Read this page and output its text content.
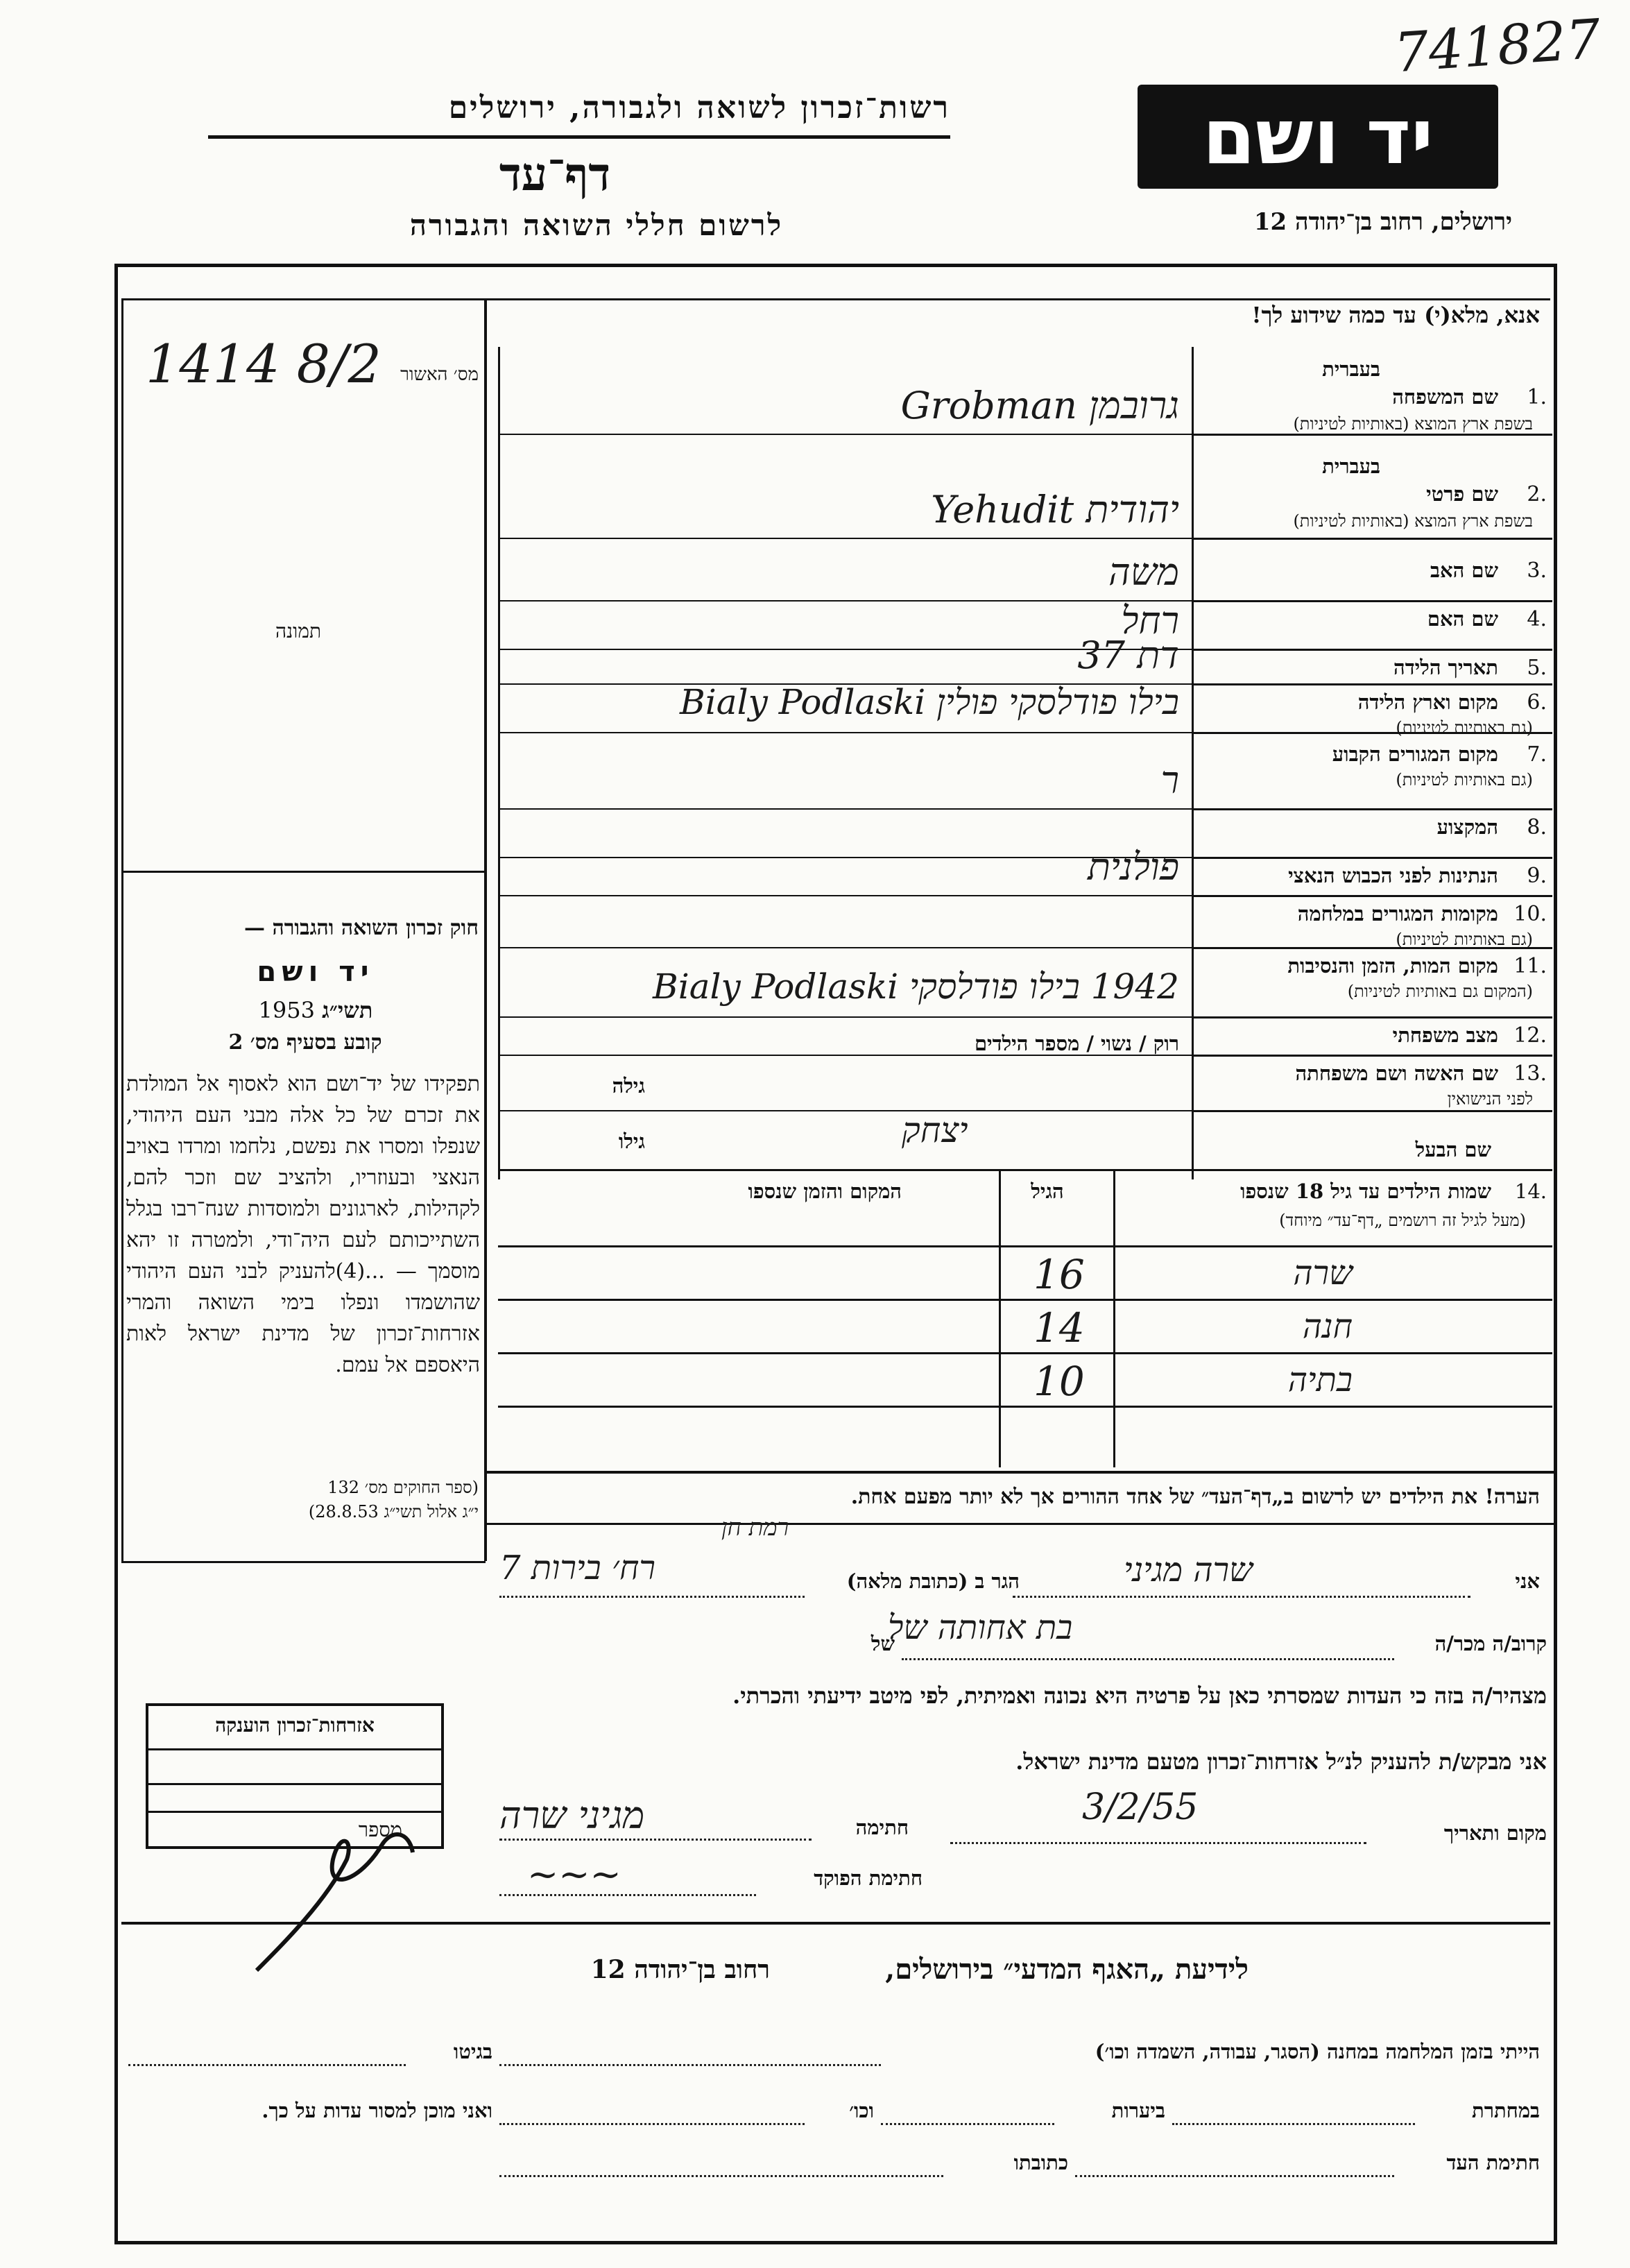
741827
יד ושם
ירושלים, רחוב בן־יהודה 12
רשות־זכרון לשואה ולגבורה, ירושלים
דף־עד
לרשום חללי השואה והגבורה
אנא, מלא(י) עד כמה שידוע לך!
מס׳ האשור
1414 8/2
תמונה
1.
שם המשפחה
בעברית
בשפת ארץ המוצא (באותיות לטיניות)
2.
שם פרטי
בעברית
בשפת ארץ המוצא (באותיות לטיניות)
3.
שם האב
4.
שם האם
5.
תאריך הלידה
6.
מקום וארץ הלידה
(גם באותיות לטיניות)
7.
מקום המגורים הקבוע
(גם באותיות לטיניות)
8.
המקצוע
9.
הנתינות לפני הכבוש הנאצי
10.
מקומות המגורים במלחמה
(גם באותיות לטיניות)
11.
מקום המות, הזמן והנסיבות
(המקום גם באותיות לטיניות)
12.
מצב משפחתי
13.
שם האשה ושם משפחתה
לפני הנישואין
גרובמן Grobman
יהודית Yehudit
משה
רחל
דת 37
בילו פודלסקי פולין Bialy Podlaski
ר
פולנית
1942 בילו פודלסקי Bialy Podlaski
רוק / נשוי / מספר הילדים
גילה
שם הבעל
גילו	יצחק
14.
שמות הילדים עד גיל 18 שנספו
(מעל לגיל זה רושמים „דף־עד״ מיוחד)
הגיל
המקום והזמן שנספו
שרה
16
חנה
14
בתיה
10
חוק זכרון השואה והגבורה —
יד ושם
תשי״ג 1953
קובע בסעיף מס׳ 2
תפקידו של יד־ושם הוא לאסוף אל המולדת את זכרם של כל אלה מבני העם היהודי, שנפלו ומסרו את נפשם, נלחמו ומרדו באויב הנאצי ובעוזריו, ולהציב שם וזכר להם, לקהילות, לארגונים ולמוסדות שנח־רבו בגלל השתייכותם לעם היה־ודי, ולמטרה זו יהא מוסמך — ...(4)להעניק לבני העם היהודי שהושמדו ונפלו בימי השואה והמרי אזרחות־זכרון של מדינת ישראל לאות היאספם אל עמם.
(ספר החוקים מס׳ 132
י״ג אלול תשי״ג 28.8.53)
הערה! את הילדים יש לרשום ב„דף־העד״ של אחד ההורים אך לא יותר מפעם אחת.
אני
שרה מגיני
הגר ב (כתובת מלאה)
רמת חן
רח׳ בירות 7
קרוב/ה מכר/ה
בת אחותה של
של
מצהיר/ה בזה כי העדות שמסרתי כאן על פרטיה היא נכונה ואמיתית, לפי מיטב ידיעתי והכרתי.
אני מבקש/ת להעניק לנ״ל אזרחות־זכרון מטעם מדינת ישראל.
מקום ותאריך
3/2/55
חתימה
מגיני שרה
חתימת הפוקד
~~~
אזרחות־זכרון הוענקה
מספר
לידיעת „האגף המדעי״ בירושלים,
רחוב בן־יהודה 12
הייתי בזמן המלחמה במחנה (הסגר, עבודה, השמדה וכו׳)
בגיטו
במחתרת
ביערות
וכו׳
ואני מוכן למסור עדות על כך.
חתימת העד
כתובתו
